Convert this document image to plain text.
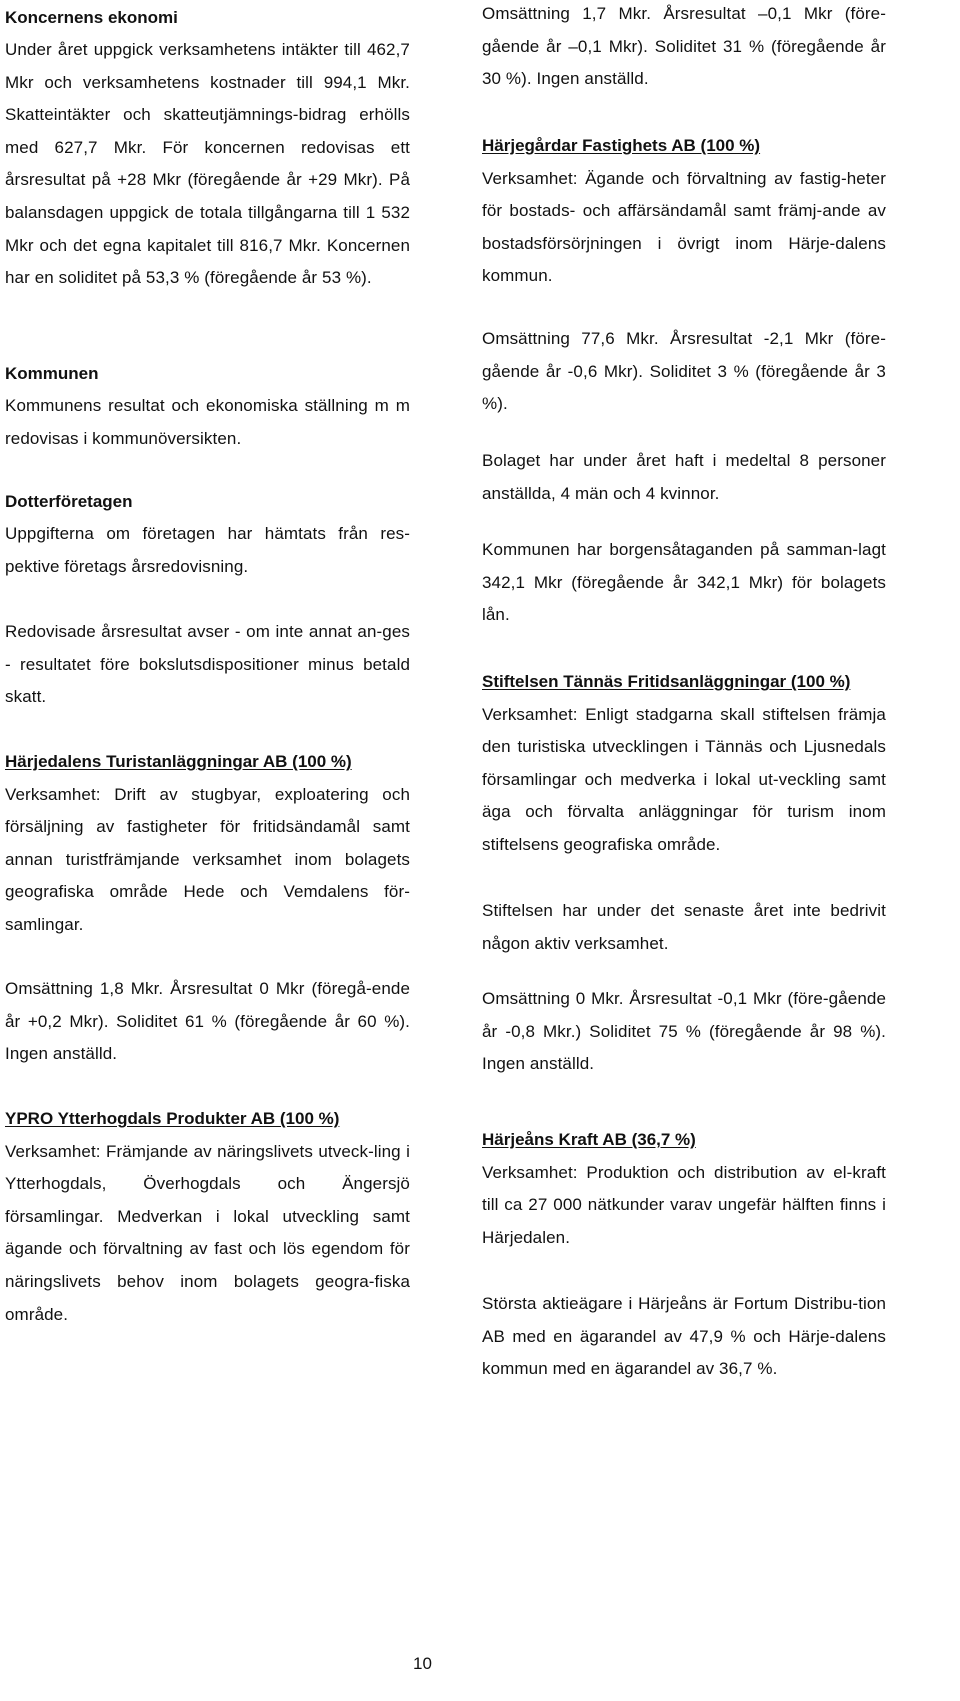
Koncernens ekonomi

Under året uppgick verksamhetens intäkter till 462,7 Mkr och verksamhetens kostnader till 994,1 Mkr. Skatteintäkter och skatteutjämnings-bidrag erhölls med 627,7 Mkr. För koncernen redovisas ett årsresultat på +28 Mkr (föregående år +29 Mkr). På balansdagen uppgick de totala tillgångarna till 1 532 Mkr och det egna kapitalet till 816,7 Mkr. Koncernen har en soliditet på 53,3 % (föregående år 53 %).

Kommunen

Kommunens resultat och ekonomiska ställning m m redovisas i kommunöversikten.

Dotterföretagen

Uppgifterna om företagen har hämtats från res-pektive företags årsredovisning.

Redovisade årsresultat avser - om inte annat an-ges - resultatet före bokslutsdispositioner minus betald skatt.

Härjedalens Turistanläggningar AB (100 %)

Verksamhet: Drift av stugbyar, exploatering och försäljning av fastigheter för fritidsändamål samt annan turistfrämjande verksamhet inom bolagets geografiska område Hede och Vemdalens för-samlingar.

Omsättning 1,8 Mkr. Årsresultat 0 Mkr (föregå-ende år +0,2 Mkr). Soliditet 61 % (föregående år 60 %). Ingen anställd.

YPRO Ytterhogdals Produkter AB (100 %)

Verksamhet: Främjande av näringslivets utveck-ling i Ytterhogdals, Överhogdals och Ängersjö församlingar. Medverkan i lokal utveckling samt ägande och förvaltning av fast och lös egendom för näringslivets behov inom bolagets geogra-fiska område.

Omsättning 1,7 Mkr. Årsresultat –0,1 Mkr (före-gående år –0,1 Mkr). Soliditet 31 % (föregående år 30 %). Ingen anställd.

Härjegårdar Fastighets AB (100 %)

Verksamhet: Ägande och förvaltning av fastig-heter för bostads- och affärsändamål samt främj-ande av bostadsförsörjningen i övrigt inom Härje-dalens kommun.

Omsättning 77,6 Mkr. Årsresultat -2,1 Mkr (före-gående år -0,6 Mkr). Soliditet 3 % (föregående år 3 %).

Bolaget har under året haft i medeltal 8 personer anställda, 4 män och 4 kvinnor.

Kommunen har borgensåtaganden på samman-lagt 342,1 Mkr (föregående år 342,1 Mkr) för bolagets lån.

Stiftelsen Tännäs Fritidsanläggningar (100 %)

Verksamhet: Enligt stadgarna skall stiftelsen främja den turistiska utvecklingen i Tännäs och Ljusnedals församlingar och medverka i lokal ut-veckling samt äga och förvalta anläggningar för turism inom stiftelsens geografiska område.

Stiftelsen har under det senaste året inte bedrivit någon aktiv verksamhet.

Omsättning 0 Mkr. Årsresultat -0,1 Mkr (före-gående år -0,8 Mkr.) Soliditet 75 % (föregående år 98 %). Ingen anställd.

Härjeåns Kraft AB (36,7 %)

Verksamhet: Produktion och distribution av el-kraft till ca 27 000 nätkunder varav ungefär hälften finns i Härjedalen.

Största aktieägare i Härjeåns är Fortum Distribu-tion AB med en ägarandel av 47,9 % och Härje-dalens kommun med en ägarandel av 36,7 %.

10
